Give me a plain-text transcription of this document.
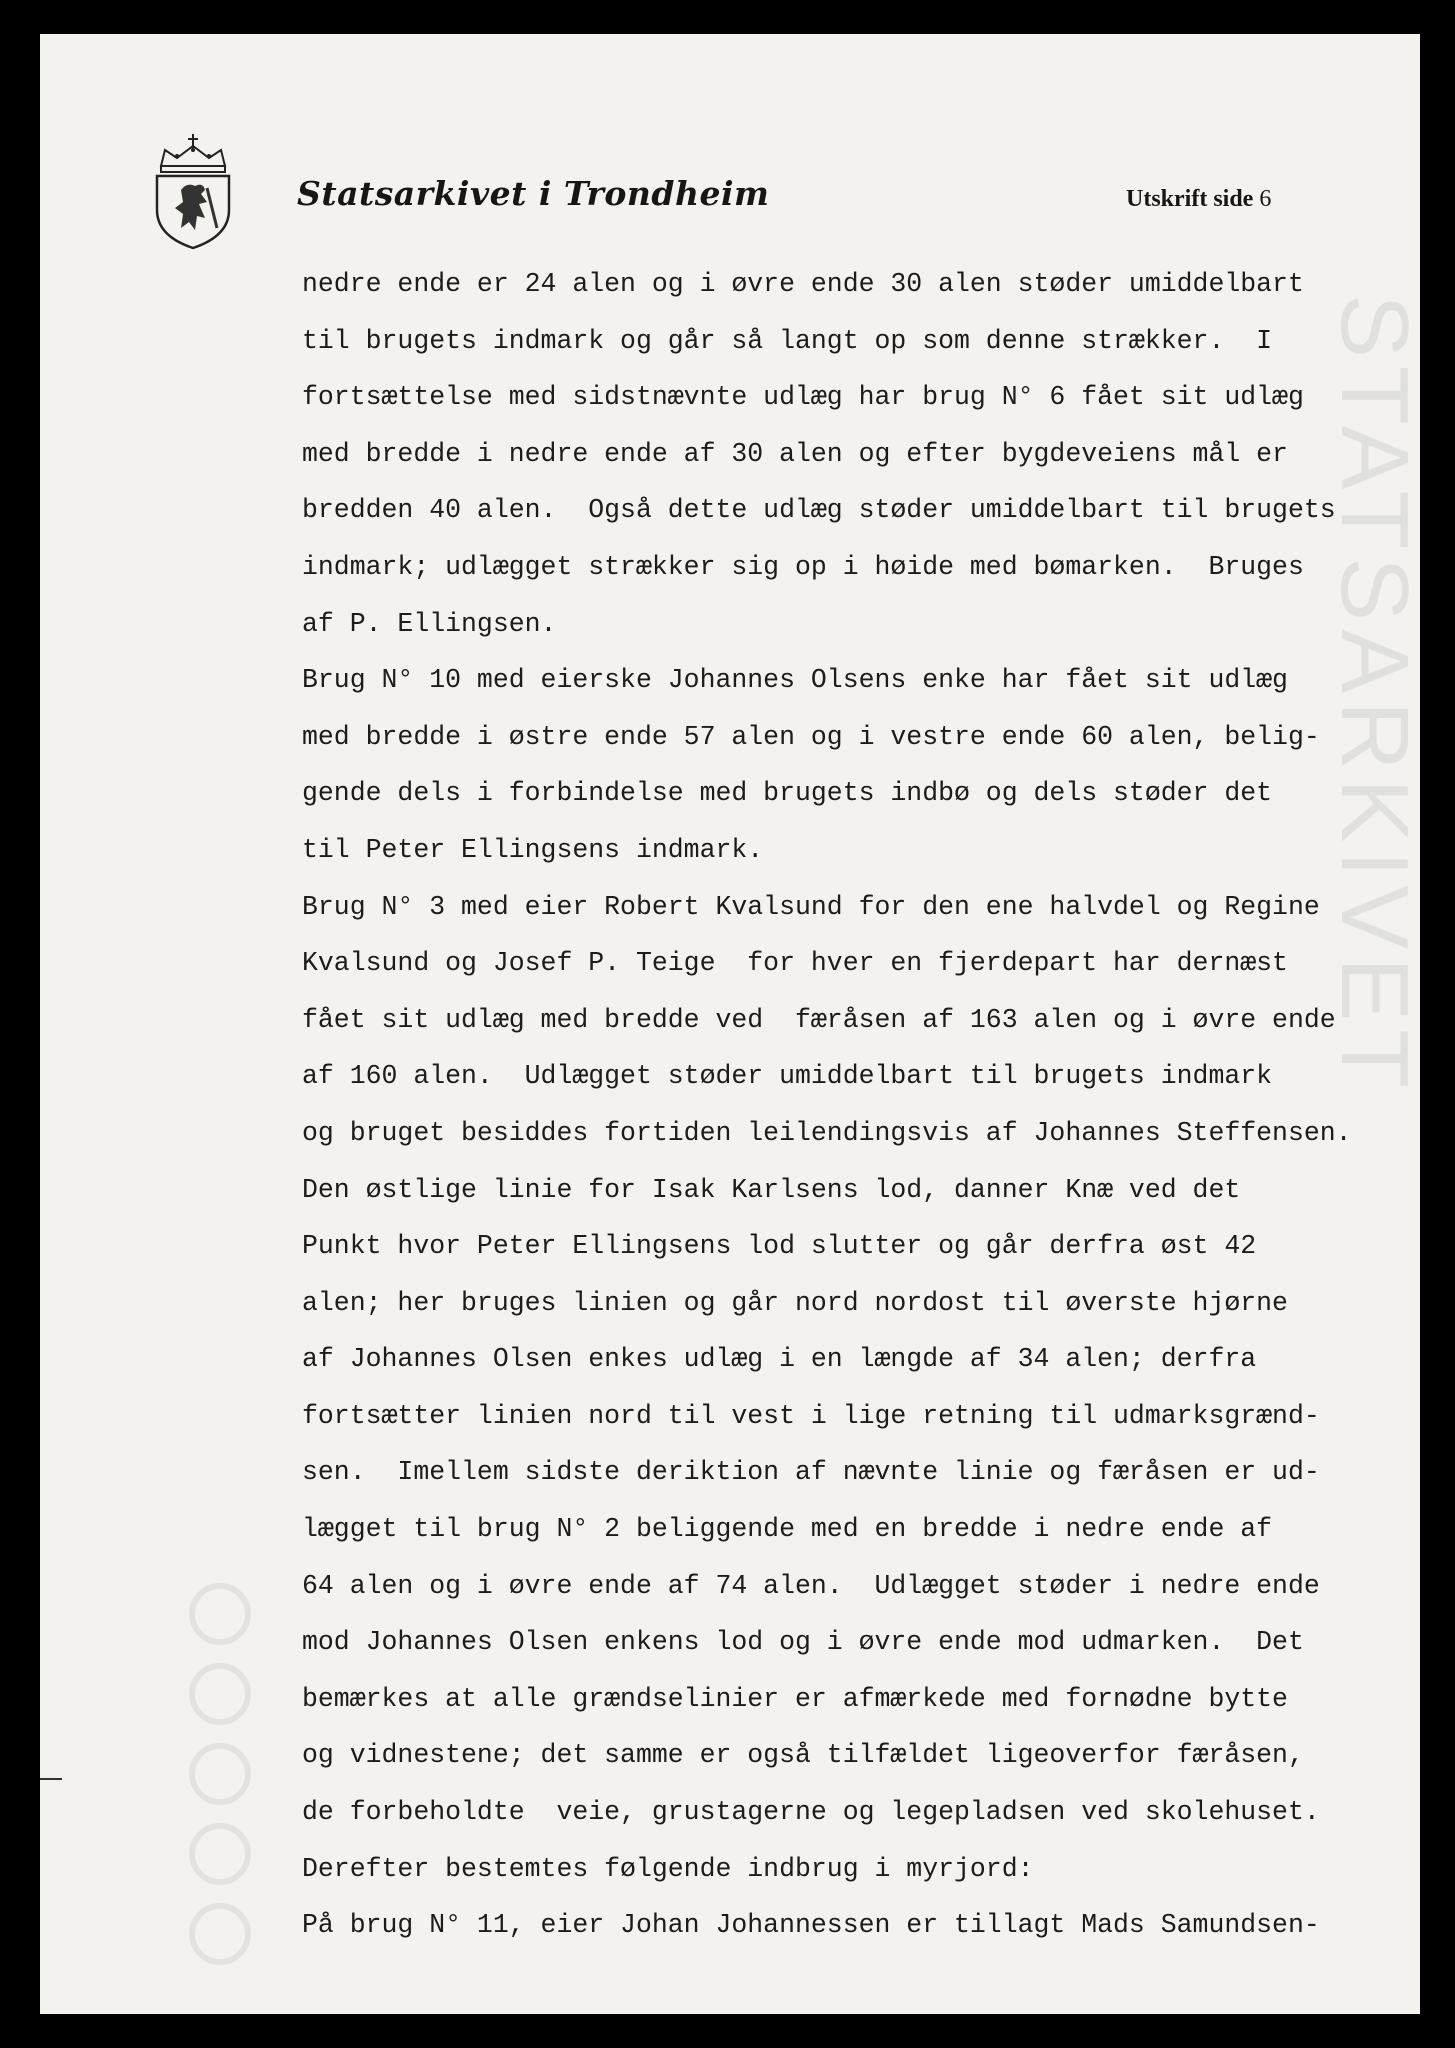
STATSARKIVET
Statsarkivet i Trondheim	Utskrift side 6
nedre ende er 24 alen og i øvre ende 30 alen støder umiddelbart
til brugets indmark og går så langt op som denne strækker.  I
fortsættelse med sidstnævnte udlæg har brug N° 6 fået sit udlæg
med bredde i nedre ende af 30 alen og efter bygdeveiens mål er
bredden 40 alen.  Også dette udlæg støder umiddelbart til brugets
indmark; udlægget strækker sig op i høide med bømarken.  Bruges
af P. Ellingsen.
Brug N° 10 med eierske Johannes Olsens enke har fået sit udlæg
med bredde i østre ende 57 alen og i vestre ende 60 alen, belig-
gende dels i forbindelse med brugets indbø og dels støder det
til Peter Ellingsens indmark.
Brug N° 3 med eier Robert Kvalsund for den ene halvdel og Regine
Kvalsund og Josef P. Teige  for hver en fjerdepart har dernæst
fået sit udlæg med bredde ved  færåsen af 163 alen og i øvre ende
af 160 alen.  Udlægget støder umiddelbart til brugets indmark
og bruget besiddes fortiden leilendingsvis af Johannes Steffensen.
Den østlige linie for Isak Karlsens lod, danner Knæ ved det
Punkt hvor Peter Ellingsens lod slutter og går derfra øst 42
alen; her bruges linien og går nord nordost til øverste hjørne
af Johannes Olsen enkes udlæg i en længde af 34 alen; derfra
fortsætter linien nord til vest i lige retning til udmarksgrænd-
sen.  Imellem sidste deriktion af nævnte linie og færåsen er ud-
lægget til brug N° 2 beliggende med en bredde i nedre ende af
64 alen og i øvre ende af 74 alen.  Udlægget støder i nedre ende
mod Johannes Olsen enkens lod og i øvre ende mod udmarken.  Det
bemærkes at alle grændselinier er afmærkede med fornødne bytte
og vidnestene; det samme er også tilfældet ligeoverfor færåsen,
de forbeholdte  veie, grustagerne og legepladsen ved skolehuset.
Derefter bestemtes følgende indbrug i myrjord:
På brug N° 11, eier Johan Johannessen er tillagt Mads Samundsen-
